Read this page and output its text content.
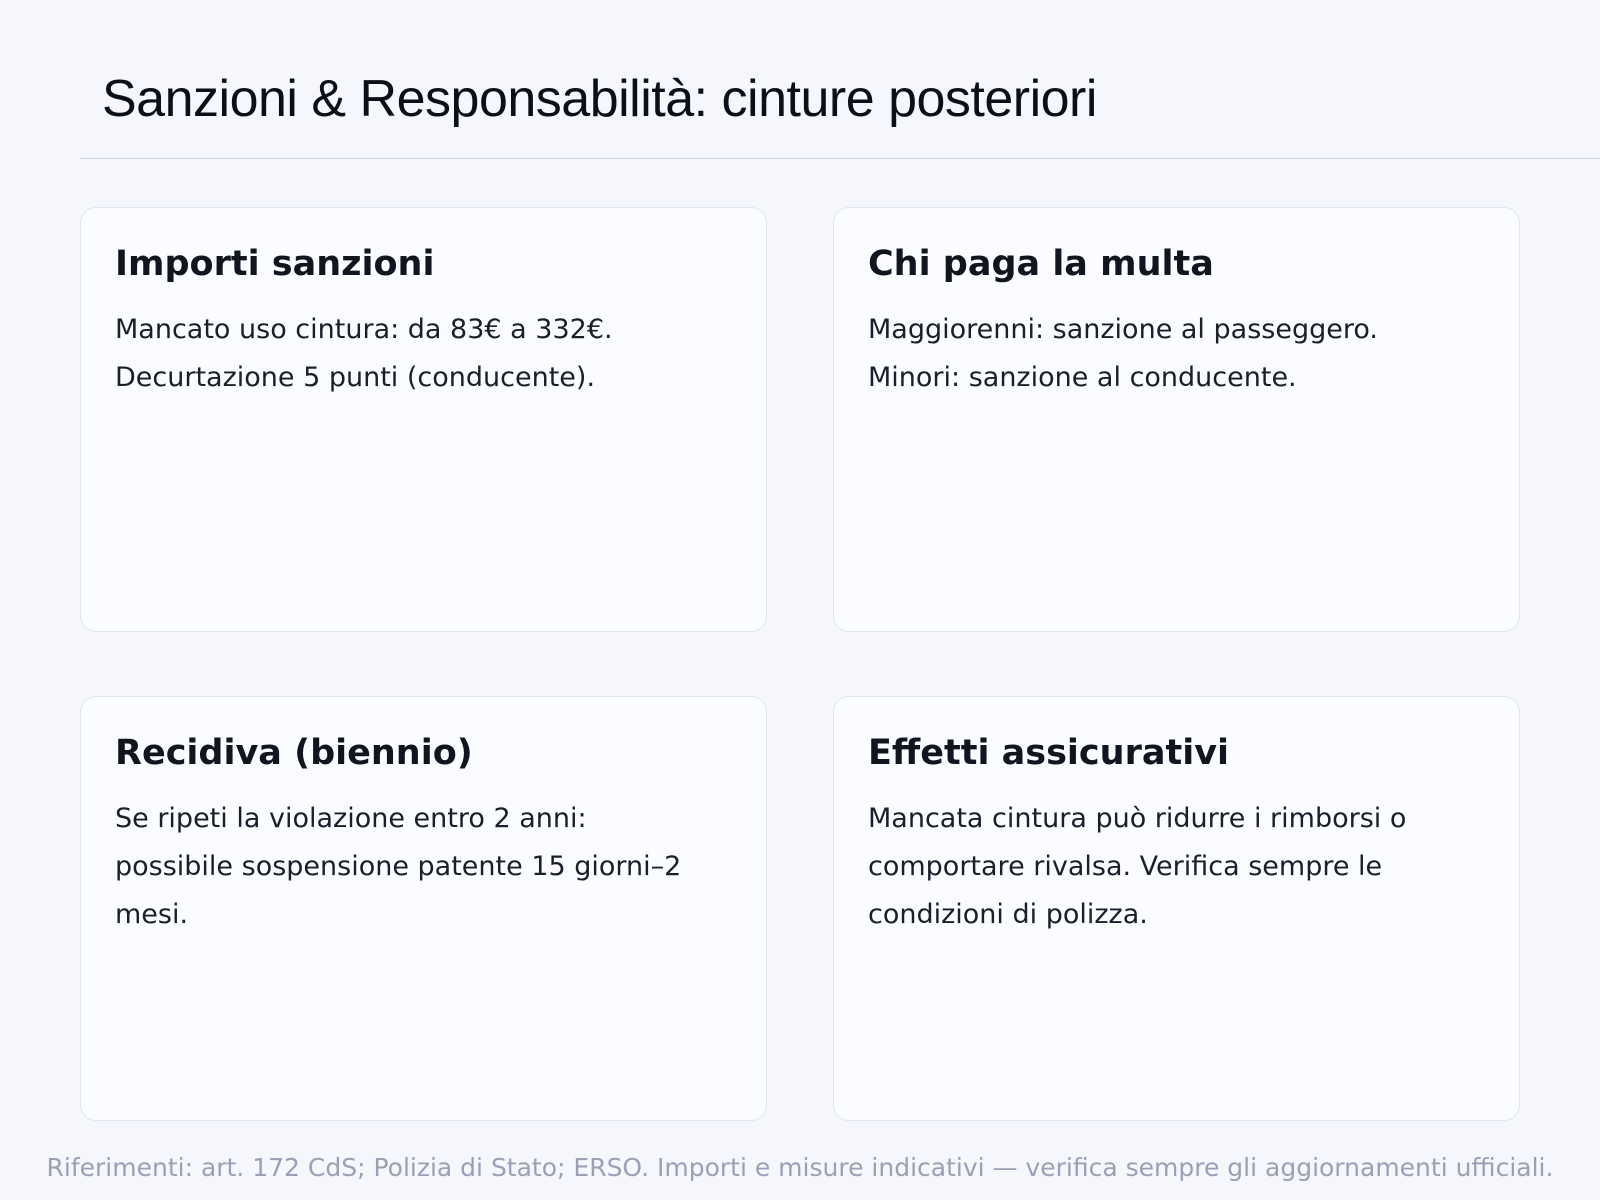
Sanzioni & Responsabilità: cinture posteriori
Importi sanzioni

Mancato uso cintura: da 83€ a 332€. Decurtazione 5 punti (conducente).

Chi paga la multa

Maggiorenni: sanzione al passeggero. Minori: sanzione al conducente.

Recidiva (biennio)

Se ripeti la violazione entro 2 anni: possibile sospensione patente 15 giorni–2 mesi.

Effetti assicurativi

Mancata cintura può ridurre i rimborsi o comportare rivalsa. Verifica sempre le condizioni di polizza.

Riferimenti: art. 172 CdS; Polizia di Stato; ERSO. Importi e misure indicativi — verifica sempre gli aggiornamenti ufficiali.
